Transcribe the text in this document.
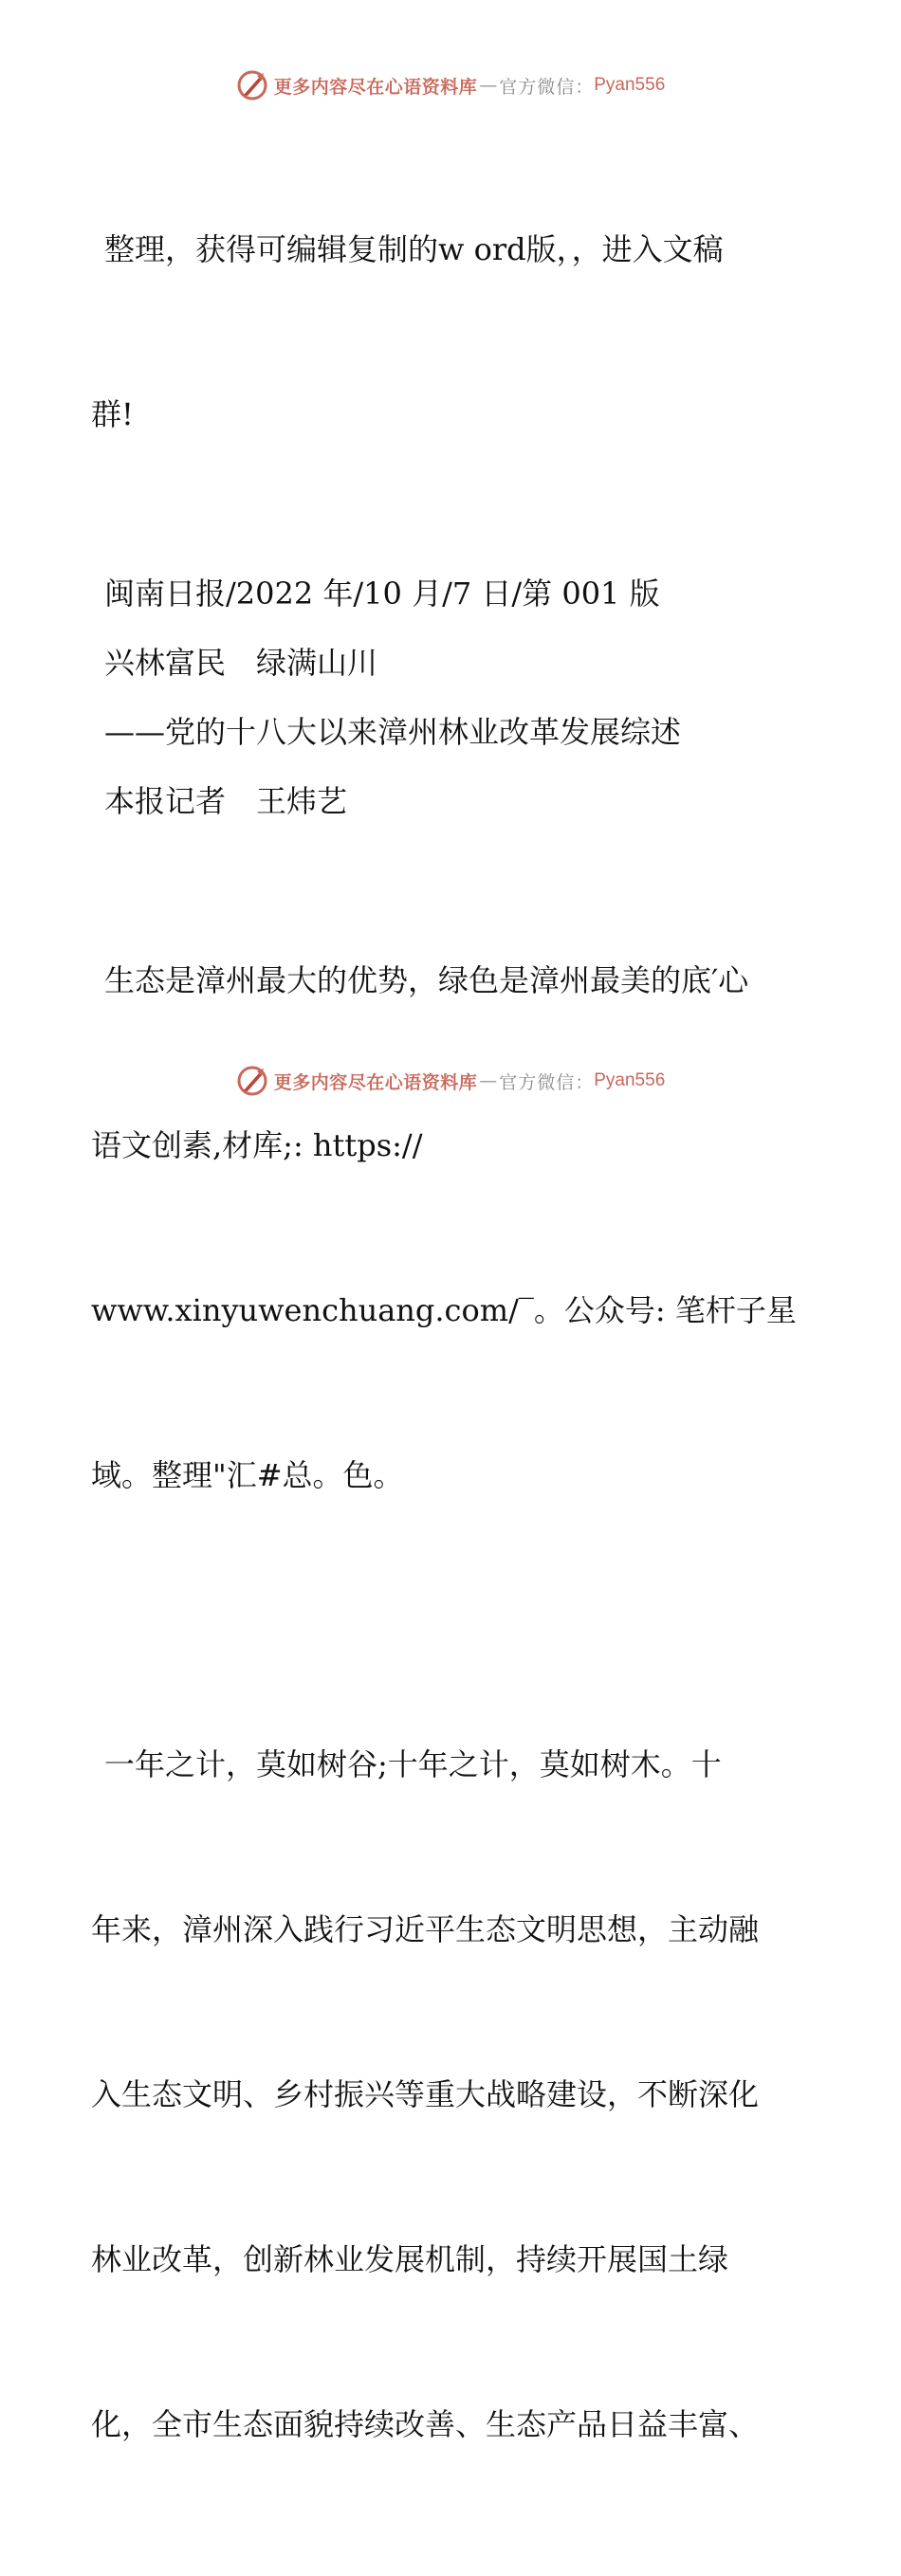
更多内容尽在心语资料库 — 官方微信： Pyan556

整理，获得可编辑复制的w ord版，，进入文稿

群!

闽南日报/2022 年/10 月/7 日/第 001 版
兴林富民　绿满山川
——党的十八大以来漳州林业改革发展综述
本报记者　王炜艺

生态是漳州最大的优势，绿色是漳州最美的底′心

语文创素,材库;: https://

www.xinyuwenchuang.com/‾。公众号: 笔杆子星

域。整理"汇#总。色。

一年之计，莫如树谷;十年之计，莫如树木。十

年来，漳州深入践行习近平生态文明思想，主动融

入生态文明、乡村振兴等重大战略建设，不断深化

林业改革，创新林业发展机制，持续开展国土绿

化，全市生态面貌持续改善、生态产品日益丰富、

更多内容尽在心语资料库 — 官方微信： Pyan556
